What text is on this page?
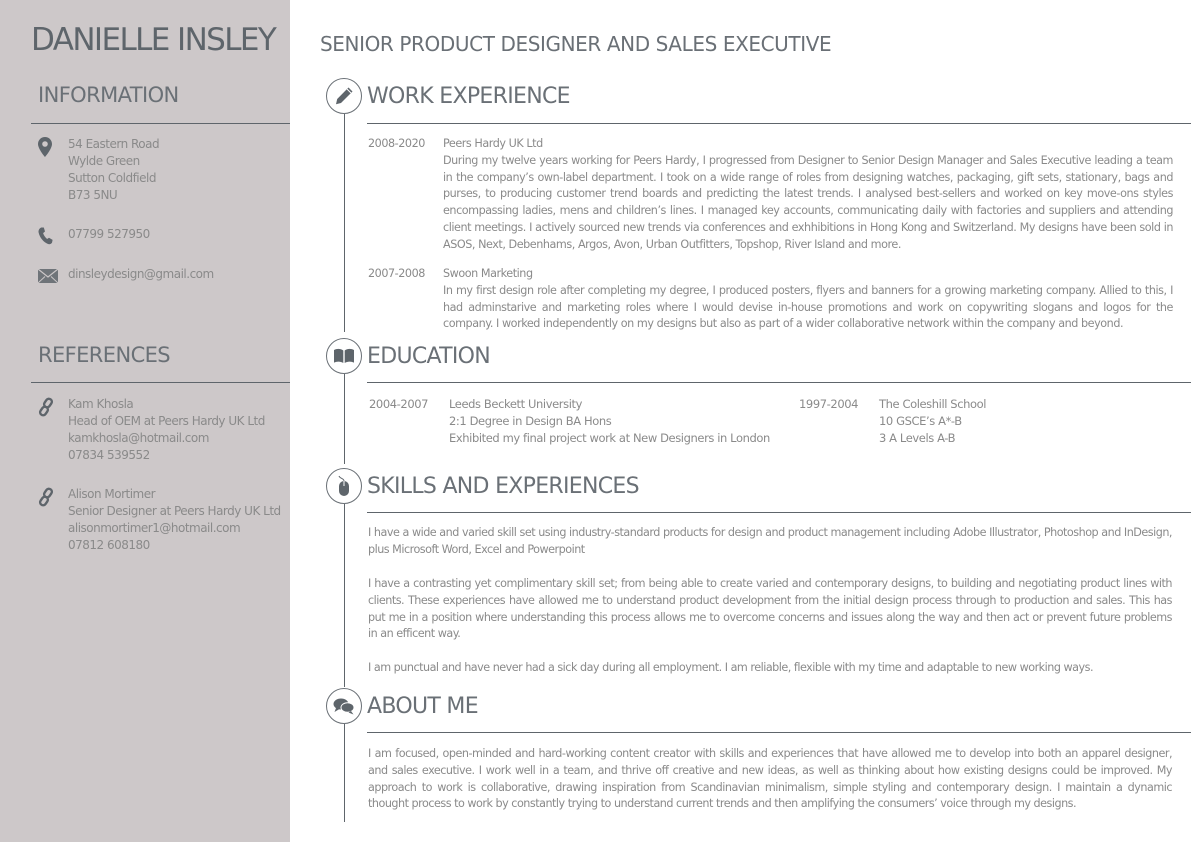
DANIELLE INSLEY
INFORMATION
54 Eastern Road
Wylde Green
Sutton Coldfield
B73 5NU
07799 527950
dinsleydesign@gmail.com
REFERENCES
Kam Khosla
Head of OEM at Peers Hardy UK Ltd
kamkhosla@hotmail.com
07834 539552
Alison Mortimer
Senior Designer at Peers Hardy UK Ltd
alisonmortimer1@hotmail.com
07812 608180
SENIOR PRODUCT DESIGNER AND SALES EXECUTIVE
WORK EXPERIENCE
2008-2020	Peers Hardy UK Ltd

During my twelve years working for Peers Hardy, I progressed from Designer to Senior Design Manager and Sales Executive leading a team in the company’s own-label department. I took on a wide range of roles from designing watches, packaging, gift sets, stationary, bags and purses, to producing customer trend boards and predicting the latest trends. I analysed best-sellers and worked on key move-ons styles encompassing ladies, mens and children’s lines. I managed key accounts, communicating daily with factories and suppliers and attending client meetings. I actively sourced new trends via conferences and exhhibitions in Hong Kong and Switzerland. My designs have been sold in ASOS, Next, Debenhams, Argos, Avon, Urban Outfitters, Topshop, River Island and more.

2007-2008	Swoon Marketing

In my first design role after completing my degree, I produced posters, flyers and banners for a growing marketing company. Allied to this, I had adminstarive and marketing roles where I would devise in-house promotions and work on copywriting slogans and logos for the company. I worked independently on my designs but also as part of a wider collaborative network within the company and beyond.

EDUCATION
2004-2007	Leeds Beckett University
2:1 Degree in Design BA Hons
Exhibited my final project work at New Designers in London
1997-2004	The Coleshill School
10 GSCE’s A*-B
3 A Levels A-B
SKILLS AND EXPERIENCES

I have a wide and varied skill set using industry-standard products for design and product management including Adobe Illustrator, Photoshop and InDesign, plus Microsoft Word, Excel and Powerpoint

I have a contrasting yet complimentary skill set; from being able to create varied and contemporary designs, to building and negotiating product lines with clients. These experiences have allowed me to understand product development from the initial design process through to production and sales. This has put me in a position where understanding this process allows me to overcome concerns and issues along the way and then act or prevent future problems in an efficent way.

I am punctual and have never had a sick day during all employment. I am reliable, flexible with my time and adaptable to new working ways.

ABOUT ME

I am focused, open-minded and hard-working content creator with skills and experiences that have allowed me to develop into both an apparel designer, and sales executive. I work well in a team, and thrive off creative and new ideas, as well as thinking about how existing designs could be improved. My approach to work is collaborative, drawing inspiration from Scandinavian minimalism, simple styling and contemporary design. I maintain a dynamic thought process to work by constantly trying to understand current trends and then amplifying the consumers’ voice through my designs.
